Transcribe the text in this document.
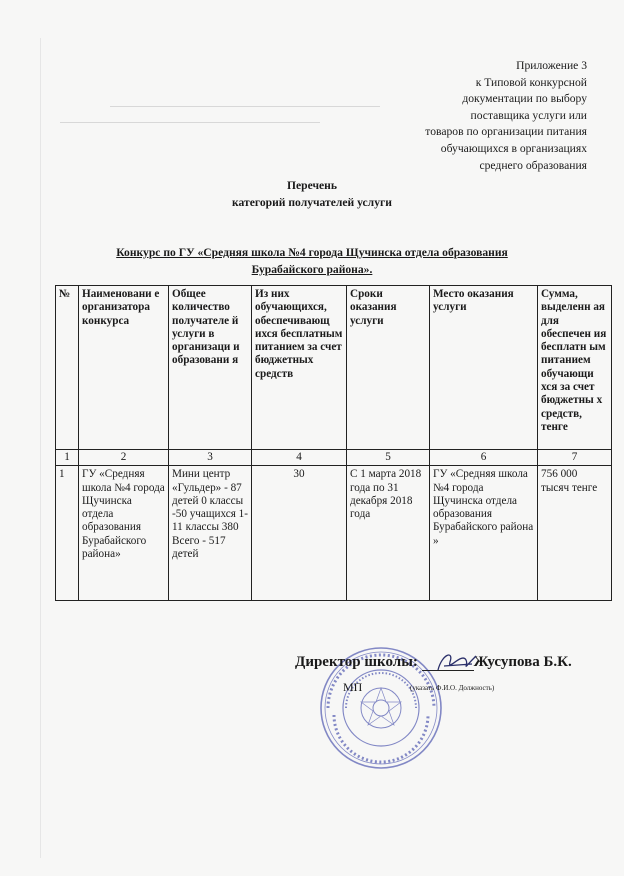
Приложение 3
к Типовой конкурсной
документации по выбору
поставщика услуги или
товаров по организации питания
обучающихся в организациях
среднего образования
Перечень
категорий получателей услуги
Конкурс по ГУ «Средняя школа №4 города Щучинска отдела образования
Бурабайского района».
№	Наименовани е организатора конкурса	Общее количество получателе й услуги в организаци и образовани я	Из них обучающихся, обеспечивающ ихся бесплатным питанием за счет бюджетных средств	Сроки оказания услуги	Место оказания услуги	Сумма, выделенн ая для обеспечен ия бесплатн ым питанием обучающи хся за счет бюджетны х средств, тенге
1	2	3	4	5	6	7
1	ГУ «Средняя школа №4 города Щучинска отдела образования Бурабайского района»	Мини центр «Гульдер» - 87 детей 0 классы -50 учащихся 1-11 классы 380 Всего - 517 детей	30	С 1 марта 2018 года по 31 декабря 2018 года	ГУ «Средняя школа №4 города Щучинска отдела образования Бурабайского района »	756 000 тысяч тенге
Директор школы:	Жусупова Б.К.
МП	(указать Ф.И.О. Должность)
